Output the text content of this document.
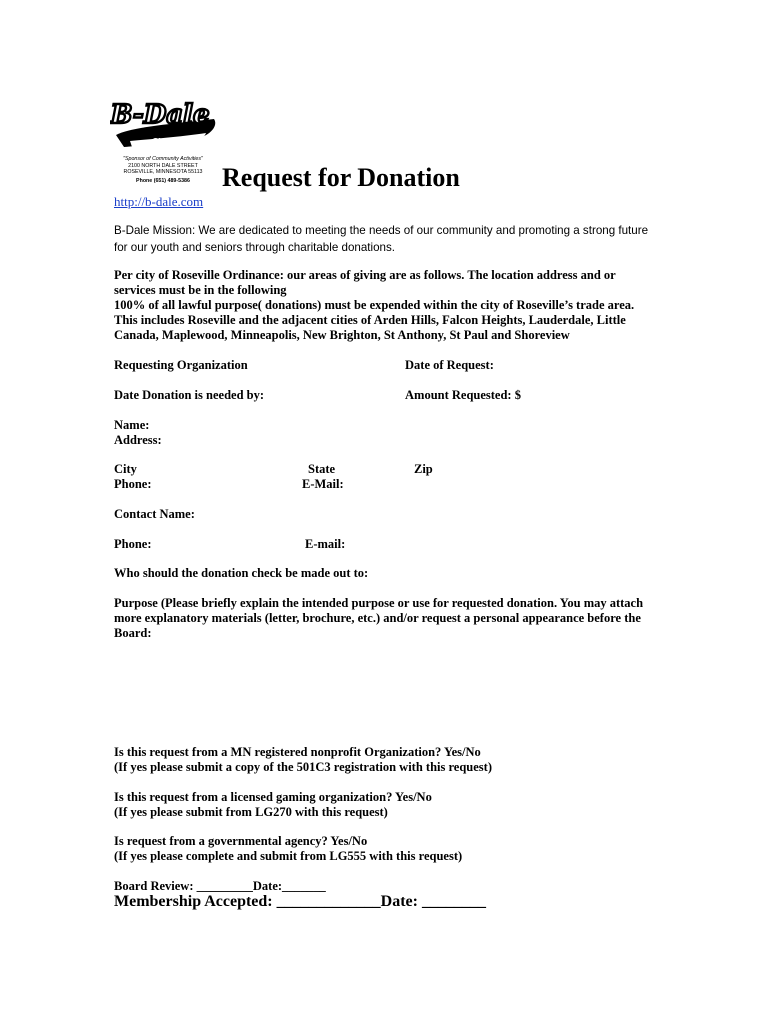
B-Dale
CLUB
"Sponsor of Community Activities"
2100 NORTH DALE STREET
ROSEVILLE, MINNESOTA 55113
Phone (651) 489-5386	Request for Donation
http://b-dale.com
B-Dale Mission: We are dedicated to meeting the needs of our community and promoting a strong future for our youth and seniors through charitable donations.
Per city of Roseville Ordinance: our areas of giving are as follows. The location address and or
services must be in the following
100% of all lawful purpose( donations) must be expended within the city of Roseville’s trade area.
This includes Roseville and the adjacent cities of Arden Hills, Falcon Heights, Lauderdale, Little
Canada, Maplewood, Minneapolis, New Brighton, St Anthony, St Paul and Shoreview
Requesting Organization	Date of Request:
Date Donation is needed by:	Amount Requested: $
Name:
Address:
City	State	Zip
Phone:	E-Mail:
Contact Name:
Phone:	E-mail:
Who should the donation check be made out to:
Purpose (Please briefly explain the intended purpose or use for requested donation. You may attach
more explanatory materials (letter, brochure, etc.) and/or request a personal appearance before the
Board:
Is this request from a MN registered nonprofit Organization? Yes/No
(If yes please submit a copy of the 501C3 registration with this request)
Is this request from a licensed gaming organization? Yes/No
(If yes please submit from LG270 with this request)
Is request from a governmental agency? Yes/No
(If yes please complete and submit from LG555 with this request)
Board Review: _________Date:_______
Membership Accepted: _____________Date: ________
